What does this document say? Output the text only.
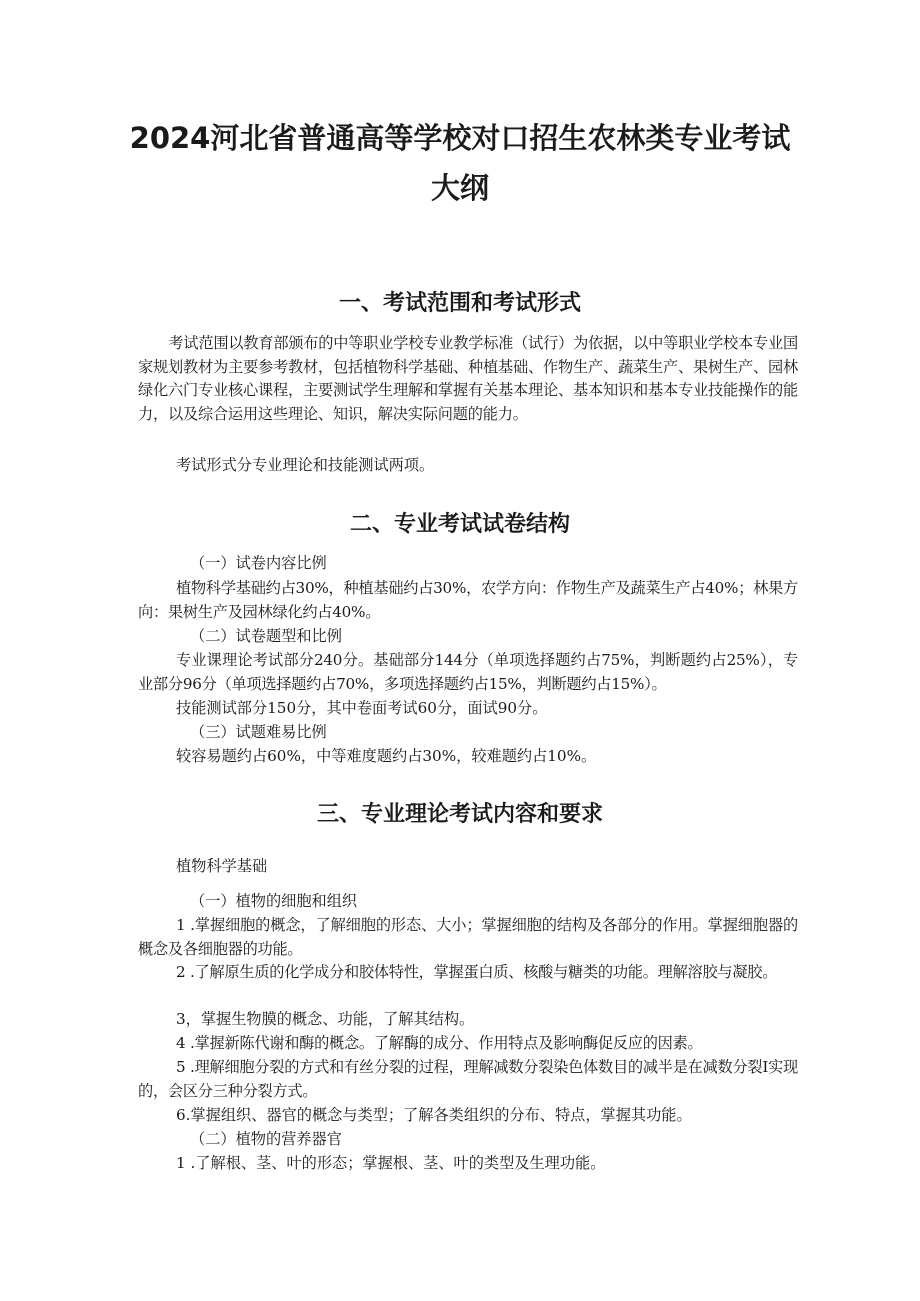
2024河北省普通高等学校对口招生农林类专业考试
大纲
一、考试范围和考试形式

考试范围以教育部颁布的中等职业学校专业教学标准（试行）为依据，以中等职业学校本专业国家规划教材为主要参考教材，包括植物科学基础、种植基础、作物生产、蔬菜生产、果树生产、园林绿化六门专业核心课程，主要测试学生理解和掌握有关基本理论、基本知识和基本专业技能操作的能力，以及综合运用这些理论、知识，解决实际问题的能力。

考试形式分专业理论和技能测试两项。

二、专业考试试卷结构

（一）试卷内容比例

植物科学基础约占30%，种植基础约占30%，农学方向：作物生产及蔬菜生产占40%；林果方向：果树生产及园林绿化约占40%。

（二）试卷题型和比例

专业课理论考试部分240分。基础部分144分（单项选择题约占75%，判断题约占25%），专业部分96分（单项选择题约占70%，多项选择题约占15%，判断题约占15%）。

技能测试部分150分，其中卷面考试60分，面试90分。

（三）试题难易比例

较容易题约占60%，中等难度题约占30%，较难题约占10%。

三、专业理论考试内容和要求

植物科学基础

（一）植物的细胞和组织

1 .掌握细胞的概念，了解细胞的形态、大小；掌握细胞的结构及各部分的作用。掌握细胞器的概念及各细胞器的功能。

2 .了解原生质的化学成分和胶体特性，掌握蛋白质、核酸与糖类的功能。理解溶胶与凝胶。

3，掌握生物膜的概念、功能，了解其结构。

4 .掌握新陈代谢和酶的概念。了解酶的成分、作用特点及影响酶促反应的因素。

5 .理解细胞分裂的方式和有丝分裂的过程，理解减数分裂染色体数目的减半是在减数分裂Ⅰ实现的，会区分三种分裂方式。

6.掌握组织、器官的概念与类型；了解各类组织的分布、特点，掌握其功能。

（二）植物的营养器官

1 .了解根、茎、叶的形态；掌握根、茎、叶的类型及生理功能。
